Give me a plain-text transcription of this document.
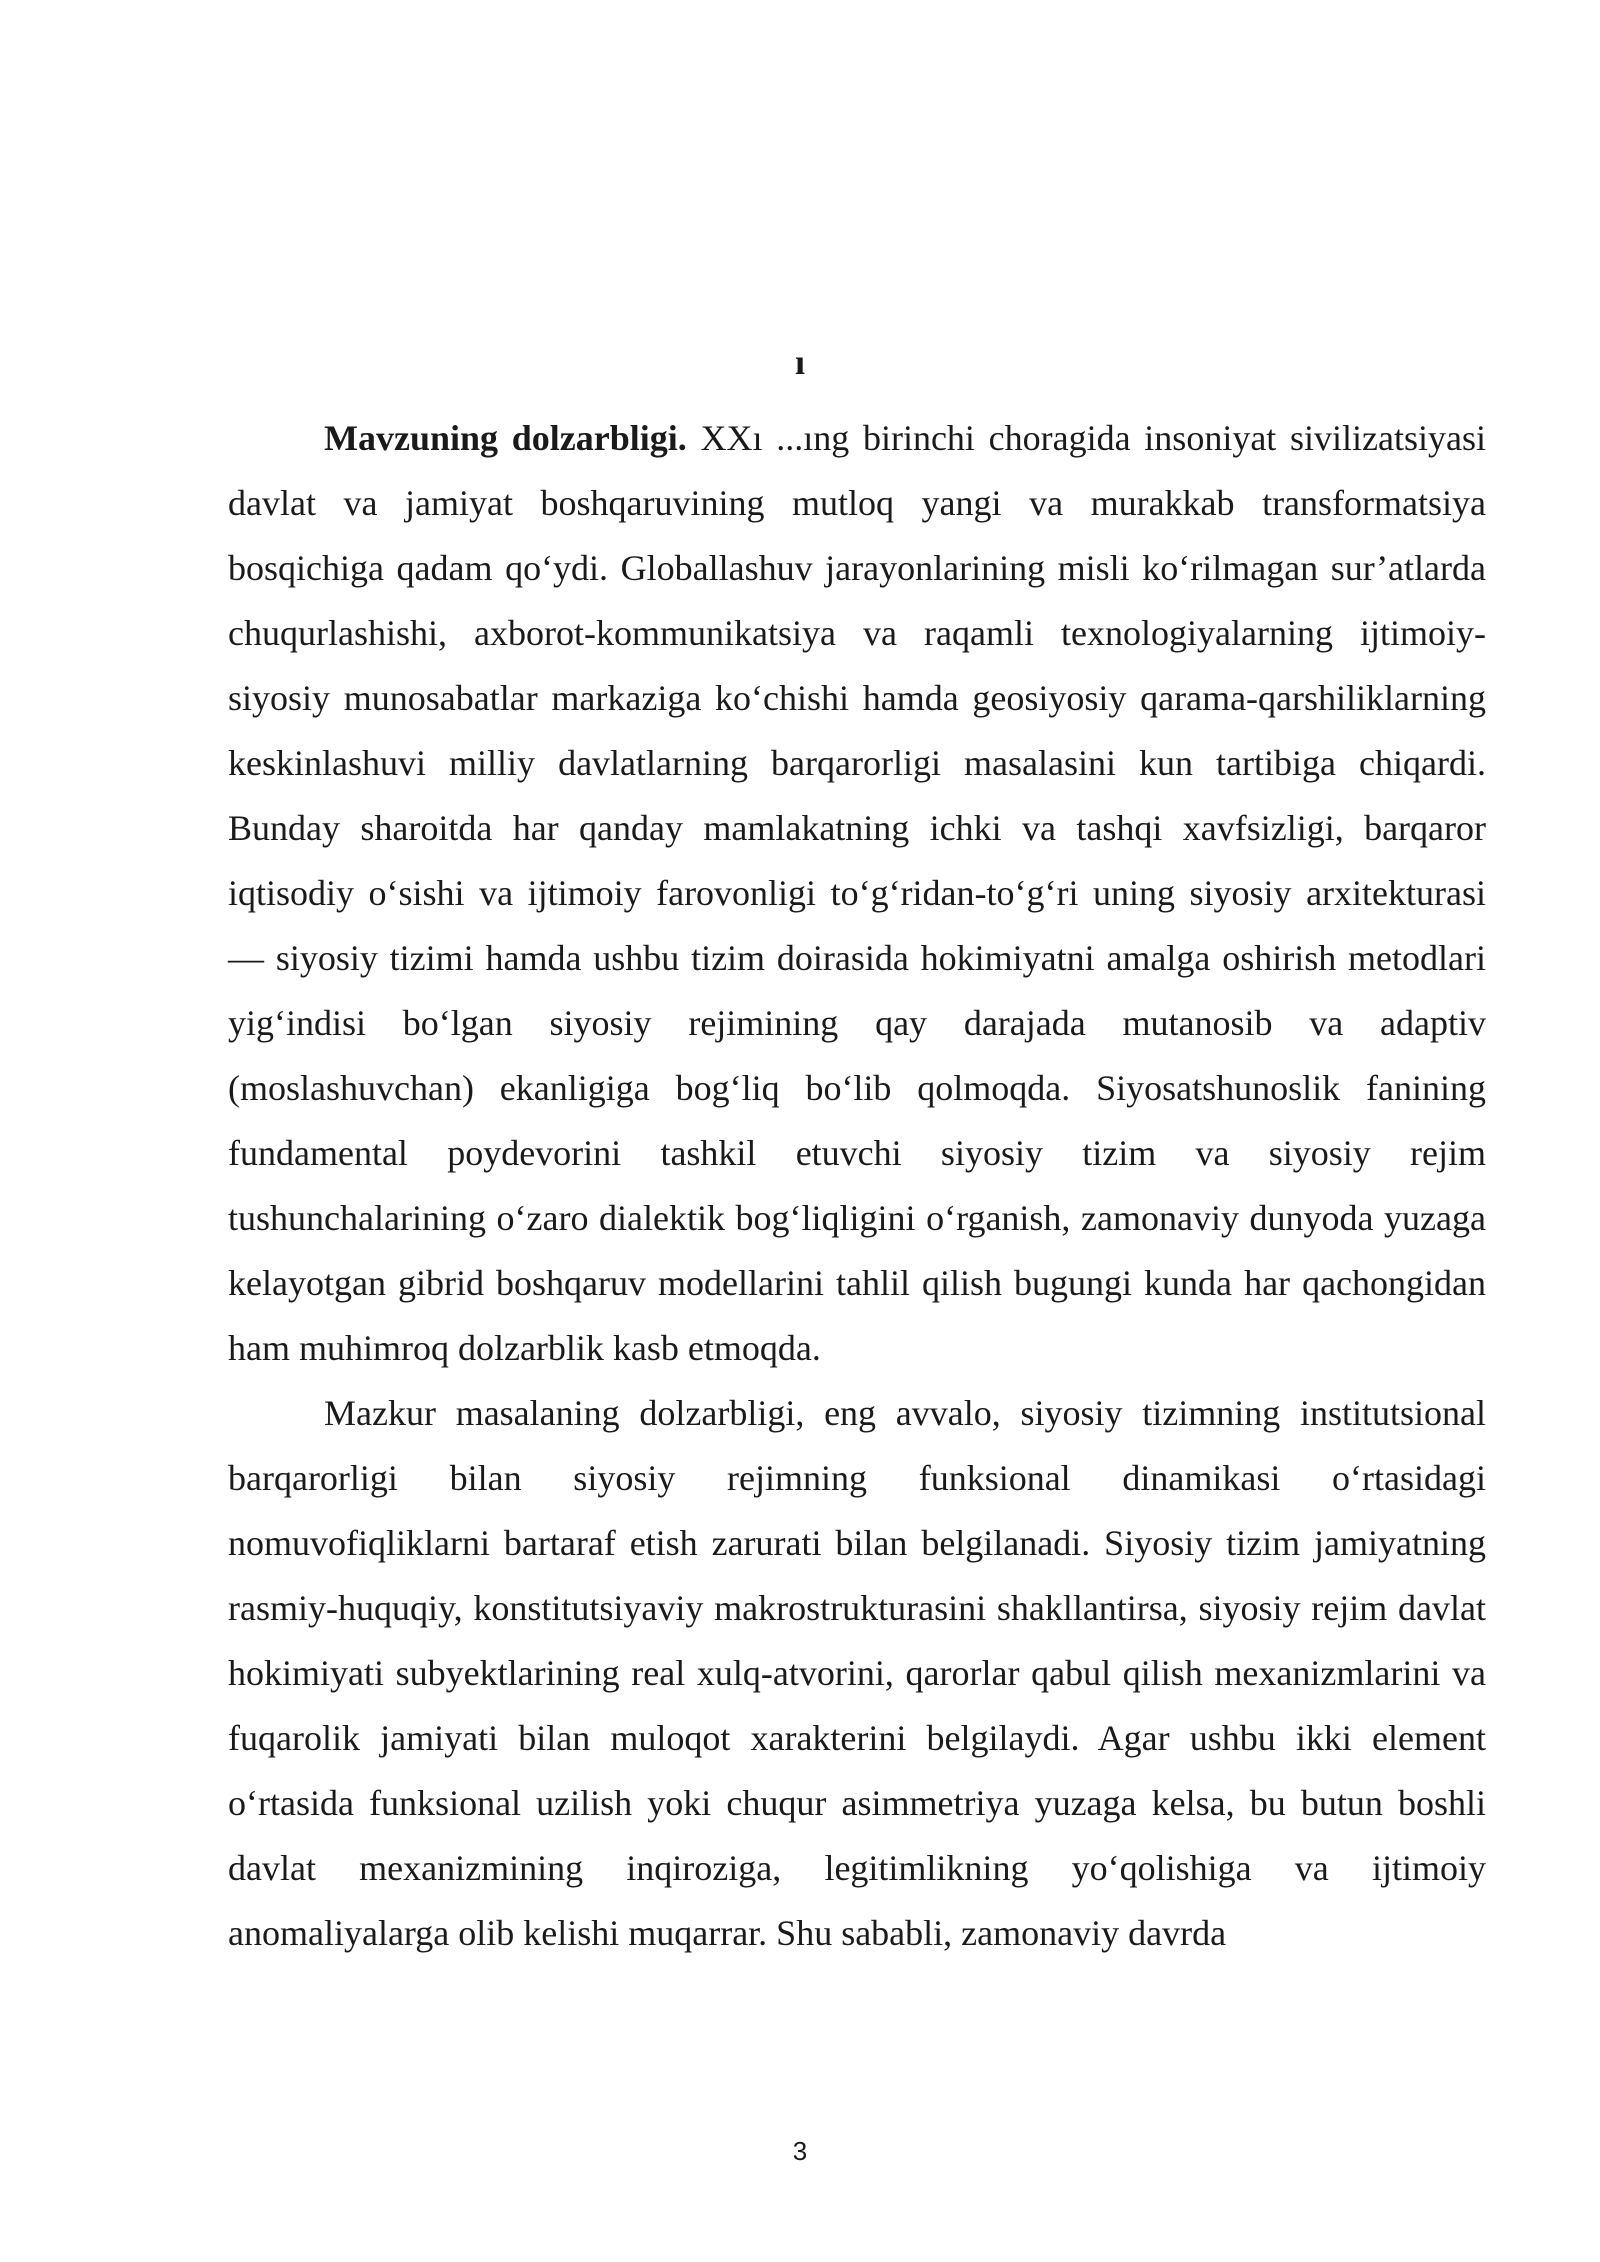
ı

Mavzuning dolzarbligi. XXı ...ıng birinchi choragida insoniyat sivilizatsiyasi davlat va jamiyat boshqaruvining mutloq yangi va murakkab transformatsiya bosqichiga qadam qo‘ydi. Globallashuv jarayonlarining misli ko‘rilmagan sur’atlarda chuqurlashishi, axborot-kommunikatsiya va raqamli texnologiyalarning ijtimoiy-siyosiy munosabatlar markaziga ko‘chishi hamda geosiyosiy qarama-qarshiliklarning keskinlashuvi milliy davlatlarning barqarorligi masalasini kun tartibiga chiqardi. Bunday sharoitda har qanday mamlakatning ichki va tashqi xavfsizligi, barqaror iqtisodiy o‘sishi va ijtimoiy farovonligi to‘g‘ridan-to‘g‘ri uning siyosiy arxitekturasi — siyosiy tizimi hamda ushbu tizim doirasida hokimiyatni amalga oshirish metodlari yig‘indisi bo‘lgan siyosiy rejimining qay darajada mutanosib va adaptiv (moslashuvchan) ekanligiga bog‘liq bo‘lib qolmoqda. Siyosatshunoslik fanining fundamental poydevorini tashkil etuvchi siyosiy tizim va siyosiy rejim tushunchalarining o‘zaro dialektik bog‘liqligini o‘rganish, zamonaviy dunyoda yuzaga kelayotgan gibrid boshqaruv modellarini tahlil qilish bugungi kunda har qachongidan ham muhimroq dolzarblik kasb etmoqda.

Mazkur masalaning dolzarbligi, eng avvalo, siyosiy tizimning institutsional barqarorligi bilan siyosiy rejimning funksional dinamikasi o‘rtasidagi nomuvofiqliklarni bartaraf etish zarurati bilan belgilanadi. Siyosiy tizim jamiyatning rasmiy-huquqiy, konstitutsiyaviy makrostrukturasini shakllantirsa, siyosiy rejim davlat hokimiyati subyektlarining real xulq-atvorini, qarorlar qabul qilish mexanizmlarini va fuqarolik jamiyati bilan muloqot xarakterini belgilaydi. Agar ushbu ikki element o‘rtasida funksional uzilish yoki chuqur asimmetriya yuzaga kelsa, bu butun boshli davlat mexanizmining inqiroziga, legitimlikning yo‘qolishiga va ijtimoiy anomaliyalarga olib kelishi muqarrar. Shu sababli, zamonaviy davrda

3
